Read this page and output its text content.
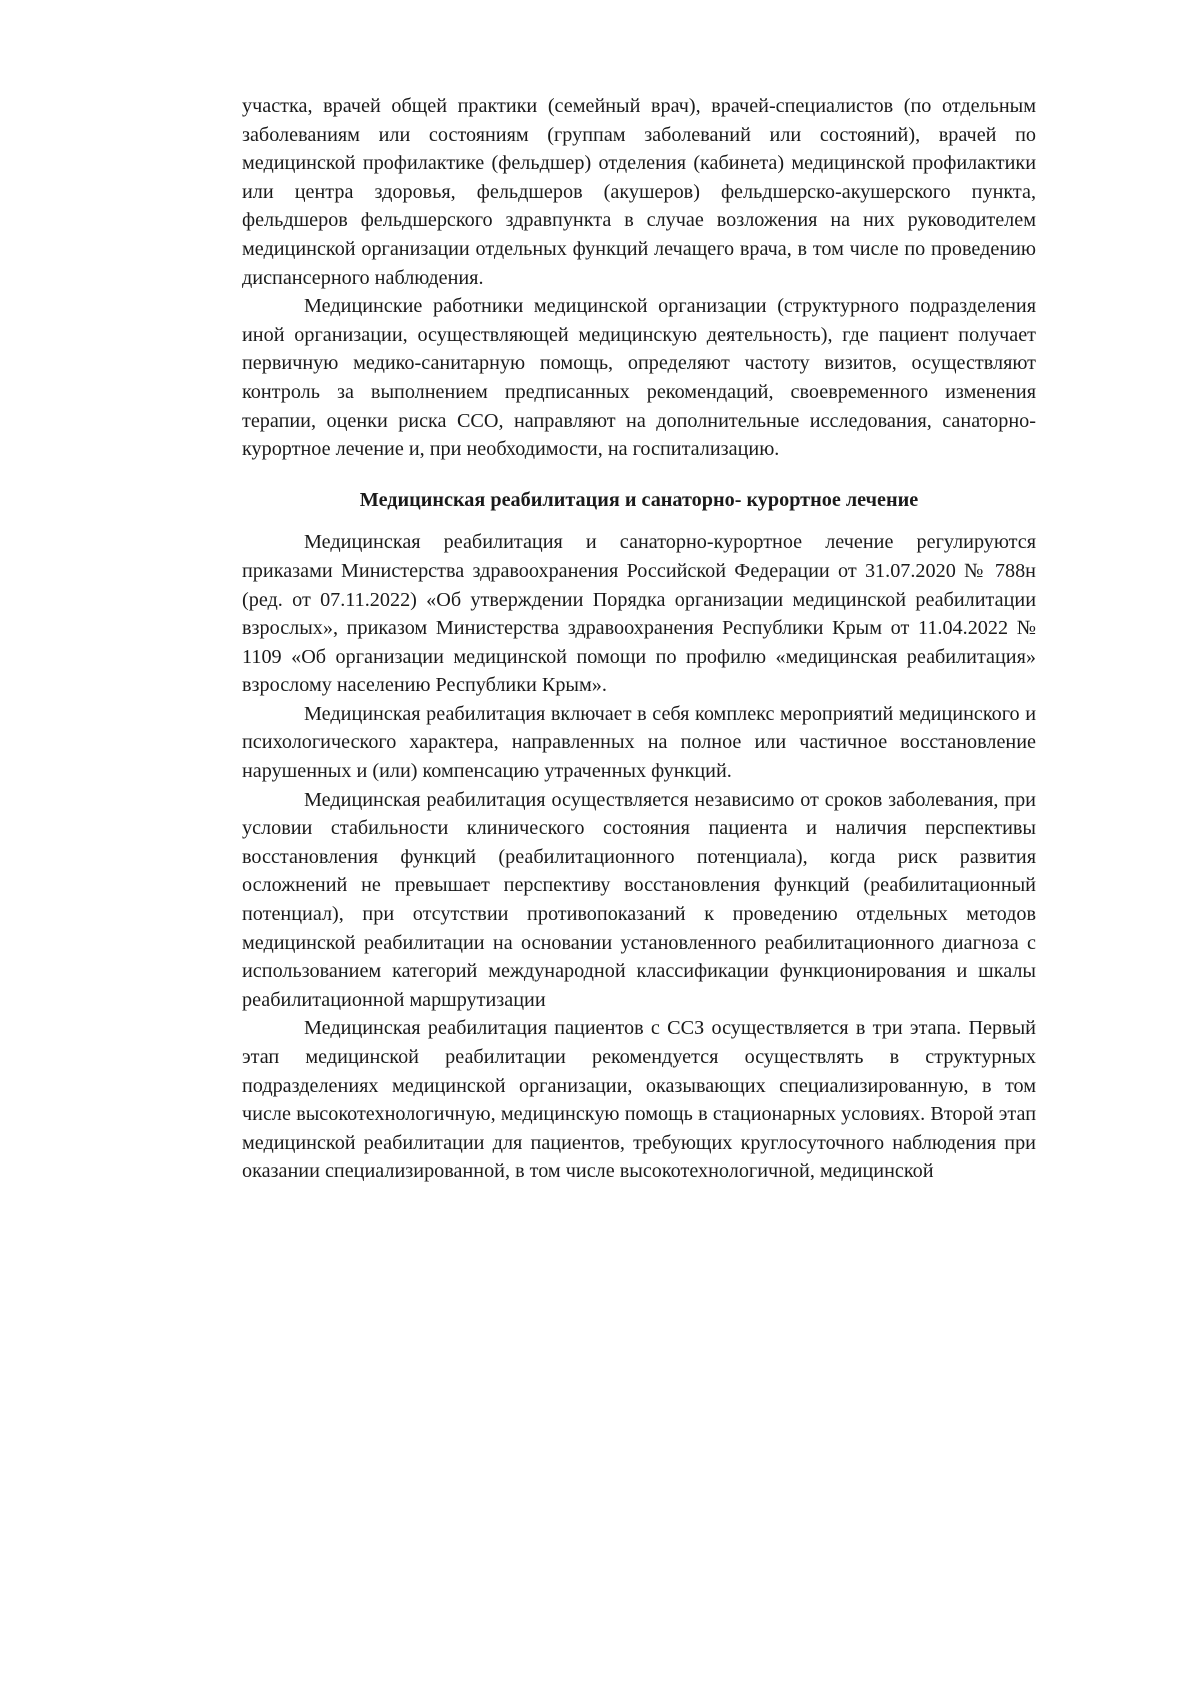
участка, врачей общей практики (семейный врач), врачей-специалистов (по отдельным заболеваниям или состояниям (группам заболеваний или состояний), врачей по медицинской профилактике (фельдшер) отделения (кабинета) медицинской профилактики или центра здоровья, фельдшеров (акушеров) фельдшерско-акушерского пункта, фельдшеров фельдшерского здравпункта в случае возложения на них руководителем медицинской организации отдельных функций лечащего врача, в том числе по проведению диспансерного наблюдения.

Медицинские работники медицинской организации (структурного подразделения иной организации, осуществляющей медицинскую деятельность), где пациент получает первичную медико-санитарную помощь, определяют частоту визитов, осуществляют контроль за выполнением предписанных рекомендаций, своевременного изменения терапии, оценки риска ССО, направляют на дополнительные исследования, санаторно-курортное лечение и, при необходимости, на госпитализацию.

Медицинская реабилитация и санаторно- курортное лечение

Медицинская реабилитация и санаторно-курортное лечение регулируются приказами Министерства здравоохранения Российской Федерации от 31.07.2020 № 788н (ред. от 07.11.2022) «Об утверждении Порядка организации медицинской реабилитации взрослых», приказом Министерства здравоохранения Республики Крым от 11.04.2022 № 1109 «Об организации медицинской помощи по профилю «медицинская реабилитация» взрослому населению Республики Крым».

Медицинская реабилитация включает в себя комплекс мероприятий медицинского и психологического характера, направленных на полное или частичное восстановление нарушенных и (или) компенсацию утраченных функций.

Медицинская реабилитация осуществляется независимо от сроков заболевания, при условии стабильности клинического состояния пациента и наличия перспективы восстановления функций (реабилитационного потенциала), когда риск развития осложнений не превышает перспективу восстановления функций (реабилитационный потенциал), при отсутствии противопоказаний к проведению отдельных методов медицинской реабилитации на основании установленного реабилитационного диагноза с использованием категорий международной классификации функционирования и шкалы реабилитационной маршрутизации

Медицинская реабилитация пациентов с ССЗ осуществляется в три этапа. Первый этап медицинской реабилитации рекомендуется осуществлять в структурных подразделениях медицинской организации, оказывающих специализированную, в том числе высокотехнологичную, медицинскую помощь в стационарных условиях. Второй этап медицинской реабилитации для пациентов, требующих круглосуточного наблюдения при оказании специализированной, в том числе высокотехнологичной, медицинской
